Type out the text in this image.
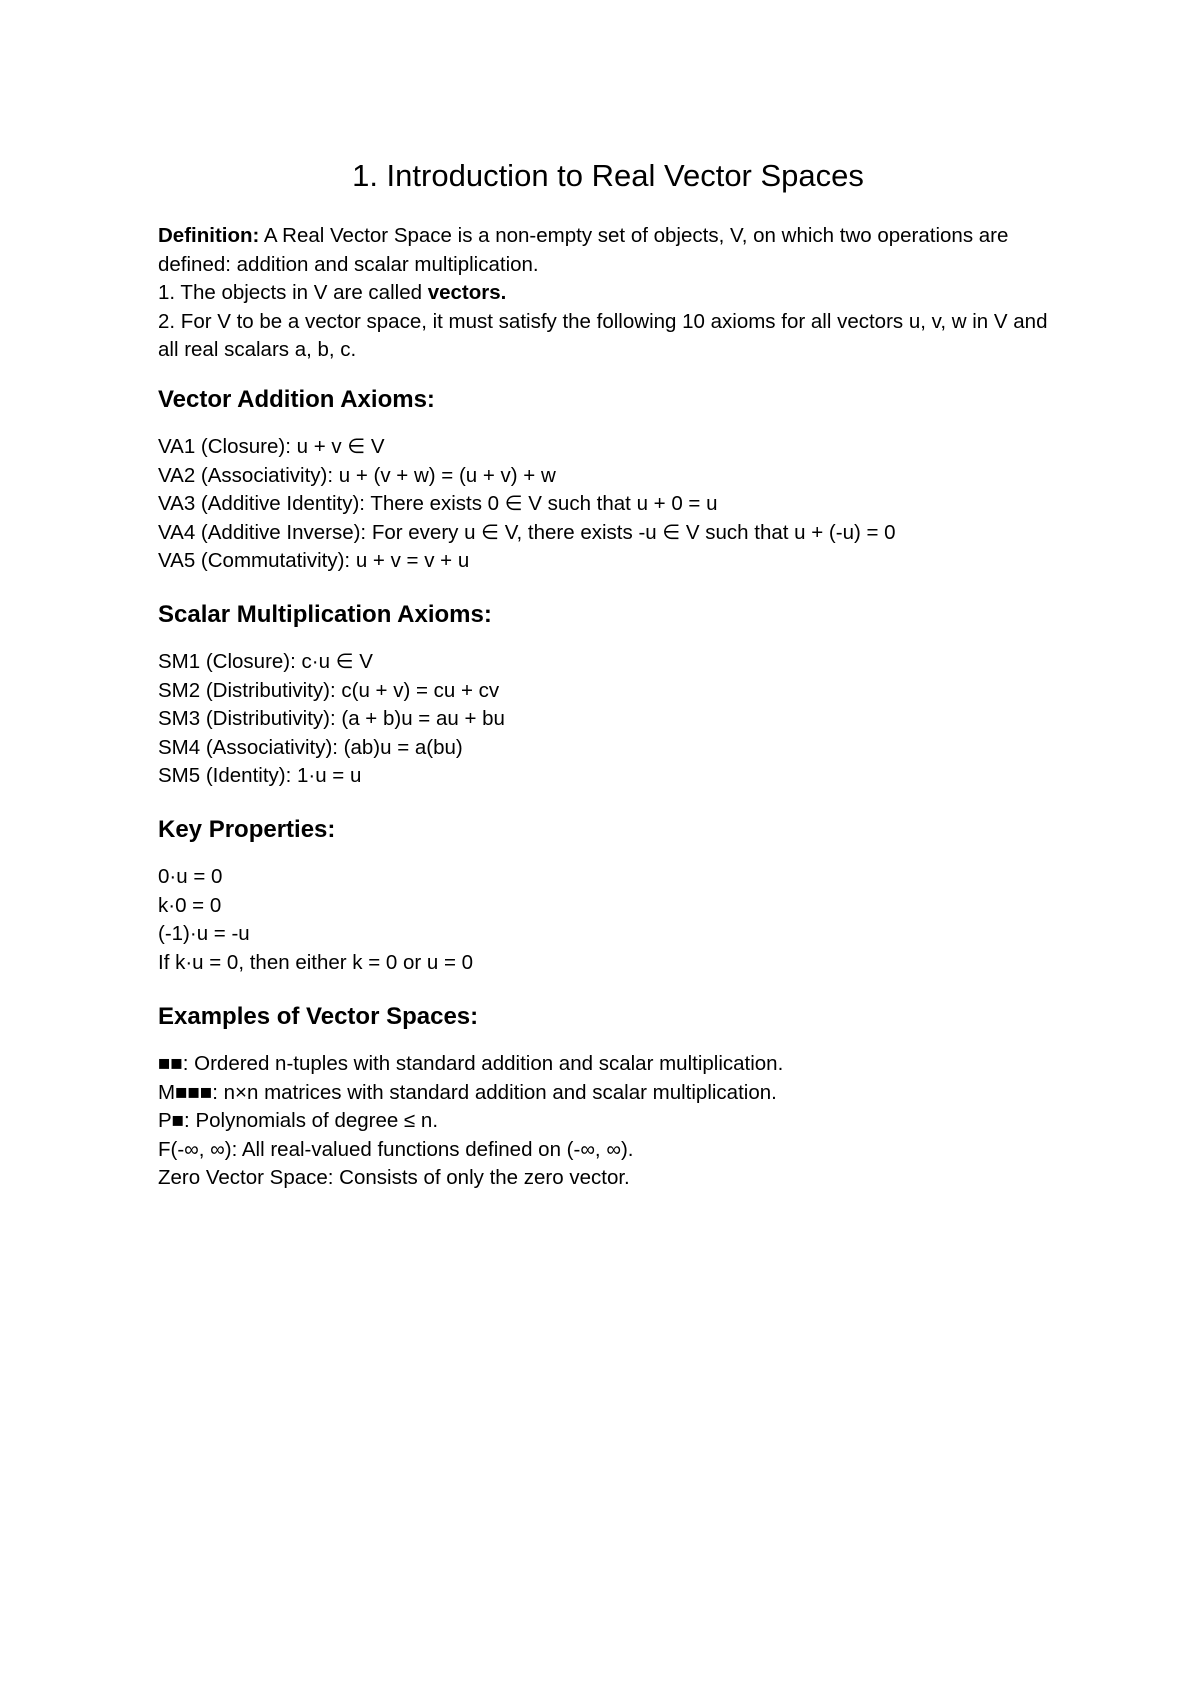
1. Introduction to Real Vector Spaces

Definition: A Real Vector Space is a non-empty set of objects, V, on which two operations are defined: addition and scalar multiplication.

1. The objects in V are called vectors.

2. For V to be a vector space, it must satisfy the following 10 axioms for all vectors u, v, w in V and all real scalars a, b, c.

Vector Addition Axioms:
VA1 (Closure): u + v ∈ V
VA2 (Associativity): u + (v + w) = (u + v) + w
VA3 (Additive Identity): There exists 0 ∈ V such that u + 0 = u
VA4 (Additive Inverse): For every u ∈ V, there exists -u ∈ V such that u + (-u) = 0
VA5 (Commutativity): u + v = v + u
Scalar Multiplication Axioms:
SM1 (Closure): c·u ∈ V
SM2 (Distributivity): c(u + v) = cu + cv
SM3 (Distributivity): (a + b)u = au + bu
SM4 (Associativity): (ab)u = a(bu)
SM5 (Identity): 1·u = u
Key Properties:
0·u = 0
k·0 = 0
(-1)·u = -u
If k·u = 0, then either k = 0 or u = 0
Examples of Vector Spaces:
■■: Ordered n-tuples with standard addition and scalar multiplication.
M■■■: n×n matrices with standard addition and scalar multiplication.
P■: Polynomials of degree ≤ n.
F(-∞, ∞): All real-valued functions defined on (-∞, ∞).
Zero Vector Space: Consists of only the zero vector.
